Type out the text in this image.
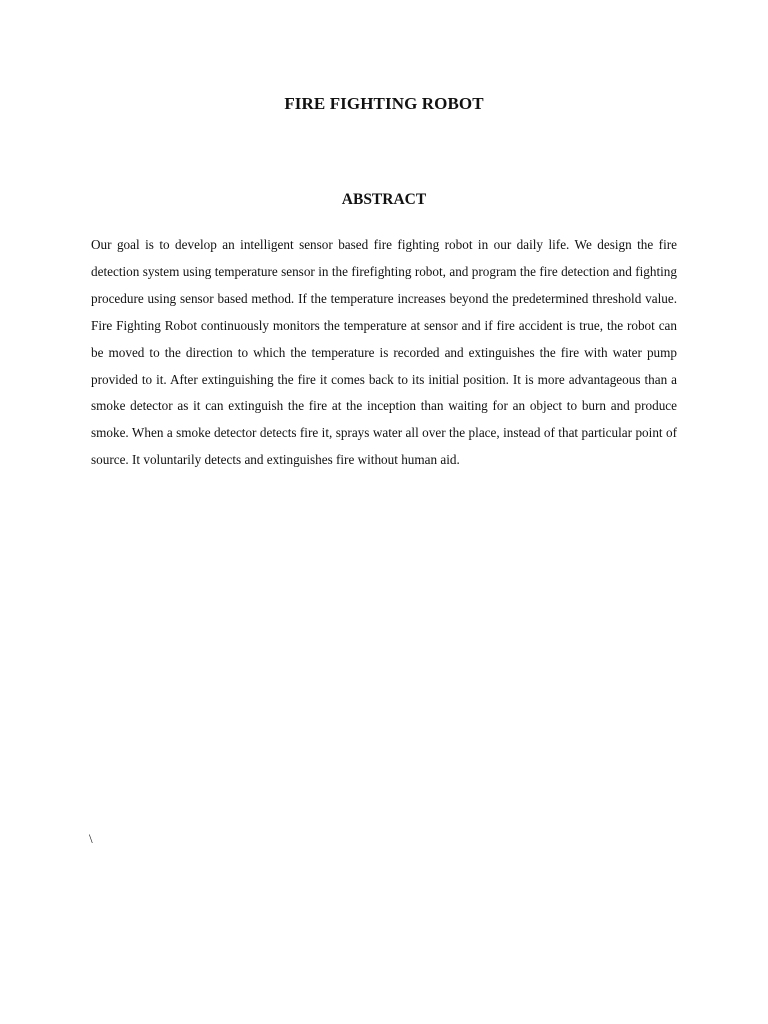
FIRE FIGHTING ROBOT
ABSTRACT

Our goal is to develop an intelligent sensor based fire fighting robot in our daily life. We design the fire detection system using temperature sensor in the firefighting robot, and program the fire detection and fighting procedure using sensor based method. If the temperature increases beyond the predetermined threshold value. Fire Fighting Robot continuously monitors the temperature at sensor and if fire accident is true, the robot can be moved to the direction to which the temperature is recorded and extinguishes the fire with water pump provided to it. After extinguishing the fire it comes back to its initial position. It is more advantageous than a smoke detector as it can extinguish the fire at the inception than waiting for an object to burn and produce smoke. When a smoke detector detects fire it, sprays water all over the place, instead of that particular point of source. It voluntarily detects and extinguishes fire without human aid.

\
